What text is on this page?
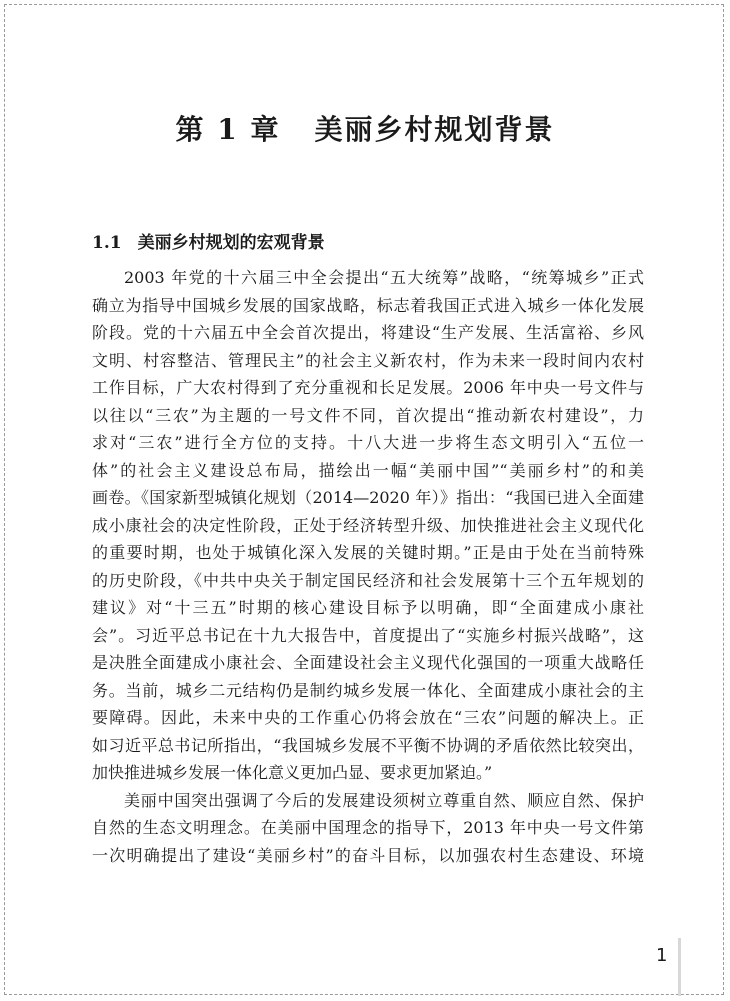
第 1 章 美丽乡村规划背景
1.1 美丽乡村规划的宏观背景
2003 年党的十六届三中全会提出“五大统筹”战略，“统筹城乡”正式
确立为指导中国城乡发展的国家战略，标志着我国正式进入城乡一体化发展
阶段。党的十六届五中全会首次提出，将建设“生产发展、生活富裕、乡风
文明、村容整洁、管理民主”的社会主义新农村，作为未来一段时间内农村
工作目标，广大农村得到了充分重视和长足发展。2006 年中央一号文件与
以往以“三农”为主题的一号文件不同，首次提出“推动新农村建设”，力
求对“三农”进行全方位的支持。十八大进一步将生态文明引入“五位一
体”的社会主义建设总布局，描绘出一幅“美丽中国”“美丽乡村”的和美
画卷。《国家新型城镇化规划（2014—2020 年）》指出：“我国已进入全面建
成小康社会的决定性阶段，正处于经济转型升级、加快推进社会主义现代化
的重要时期，也处于城镇化深入发展的关键时期。”正是由于处在当前特殊
的历史阶段，《中共中央关于制定国民经济和社会发展第十三个五年规划的
建议》对“十三五”时期的核心建设目标予以明确，即“全面建成小康社
会”。习近平总书记在十九大报告中，首度提出了“实施乡村振兴战略”，这
是决胜全面建成小康社会、全面建设社会主义现代化强国的一项重大战略任
务。当前，城乡二元结构仍是制约城乡发展一体化、全面建成小康社会的主
要障碍。因此，未来中央的工作重心仍将会放在“三农”问题的解决上。正
如习近平总书记所指出，“我国城乡发展不平衡不协调的矛盾依然比较突出，
加快推进城乡发展一体化意义更加凸显、要求更加紧迫。”
美丽中国突出强调了今后的发展建设须树立尊重自然、顺应自然、保护
自然的生态文明理念。在美丽中国理念的指导下，2013 年中央一号文件第
一次明确提出了建设“美丽乡村”的奋斗目标，以加强农村生态建设、环境
1
